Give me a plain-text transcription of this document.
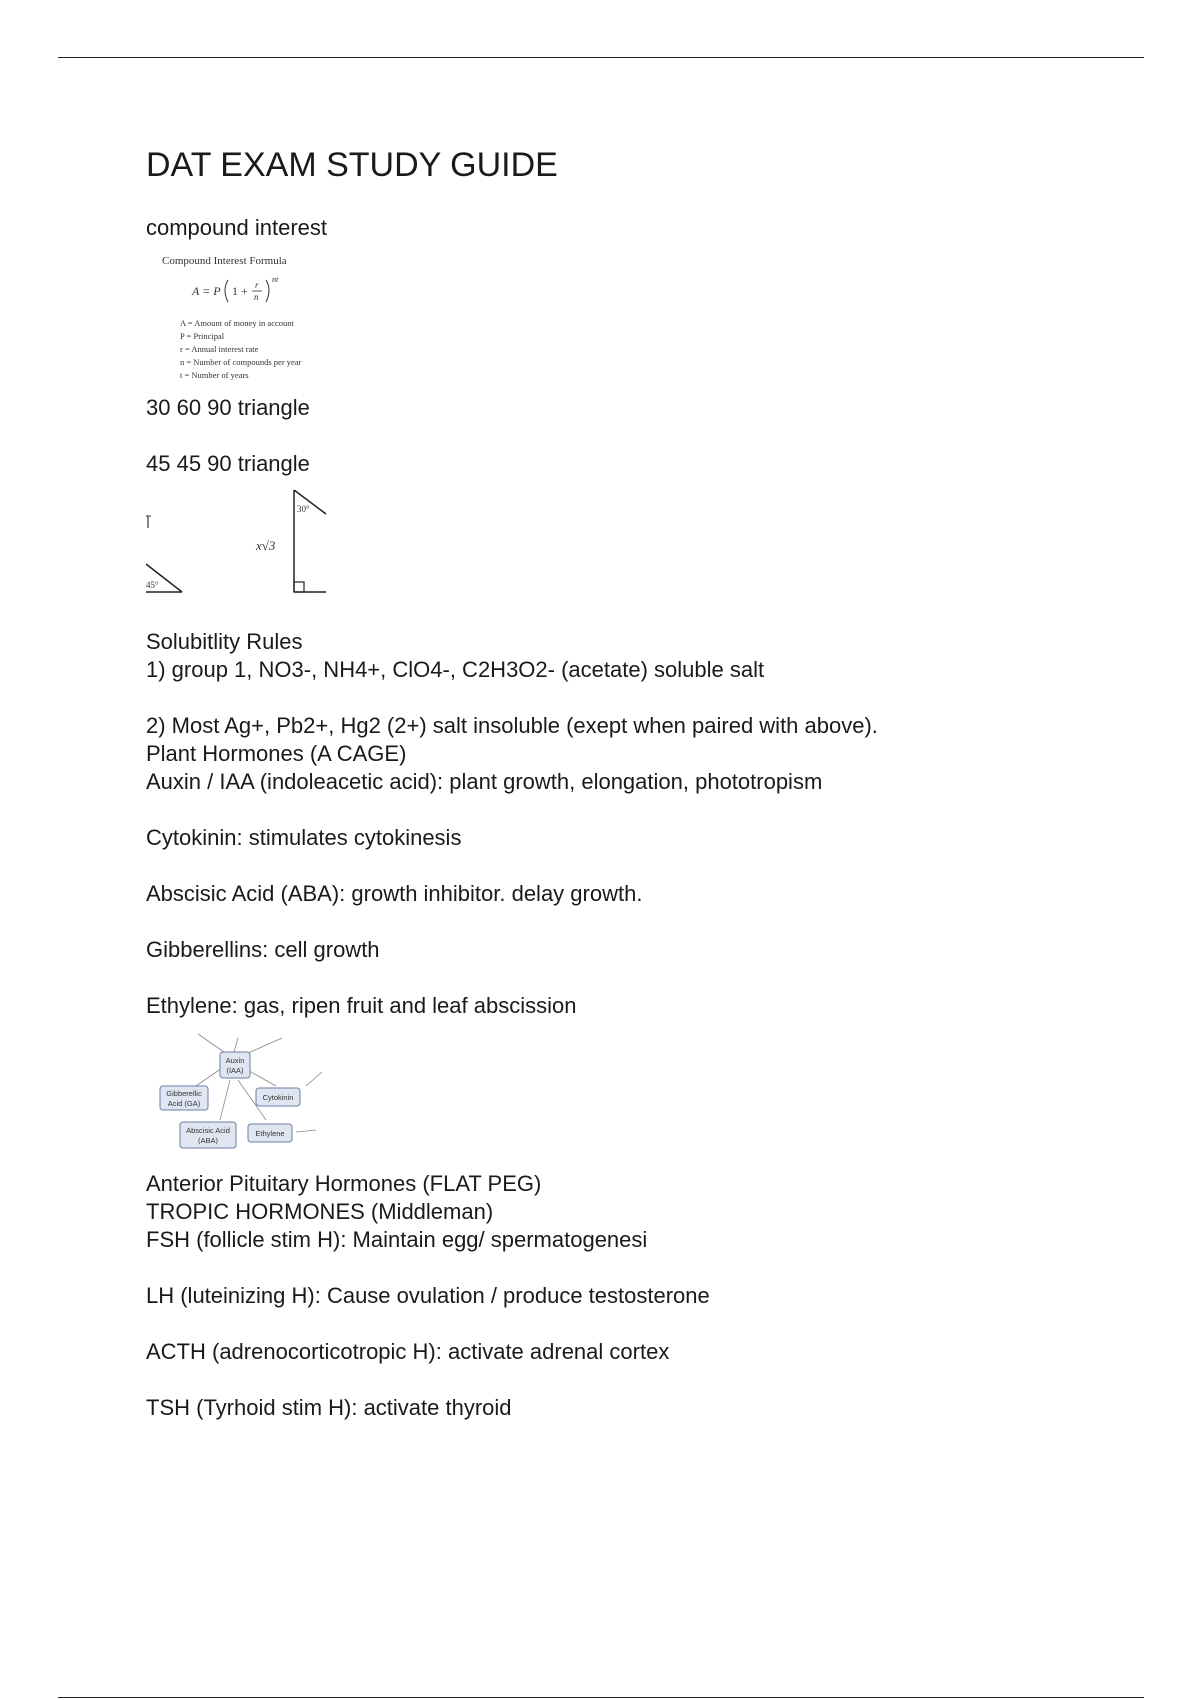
DAT EXAM STUDY GUIDE
compound interest
Compound Interest Formula
A = P 1 + r
n
nt
A = Amount of money in account
P = Principal
r = Annual interest rate
n = Number of compounds per year
t = Number of years
30 60 90 triangle
45 45 90 triangle
45°
x√3
30°
Solubitlity Rules
1) group 1, NO3-, NH4+, ClO4-, C2H3O2- (acetate) soluble salt
2) Most Ag+, Pb2+, Hg2 (2+) salt insoluble (exept when paired with above).
Plant Hormones (A CAGE)
Auxin / IAA (indoleacetic acid): plant growth, elongation, phototropism
Cytokinin: stimulates cytokinesis
Abscisic Acid (ABA): growth inhibitor. delay growth.
Gibberellins: cell growth
Ethylene: gas, ripen fruit and leaf abscission
Auxin
(IAA)
Gibberellic
Acid (GA)
Cytokinin
Abscisic Acid
(ABA)
Ethylene
Anterior Pituitary Hormones (FLAT PEG)
TROPIC HORMONES (Middleman)
FSH (follicle stim H): Maintain egg/ spermatogenesi
LH (luteinizing H): Cause ovulation / produce testosterone
ACTH (adrenocorticotropic H): activate adrenal cortex
TSH (Tyrhoid stim H): activate thyroid
